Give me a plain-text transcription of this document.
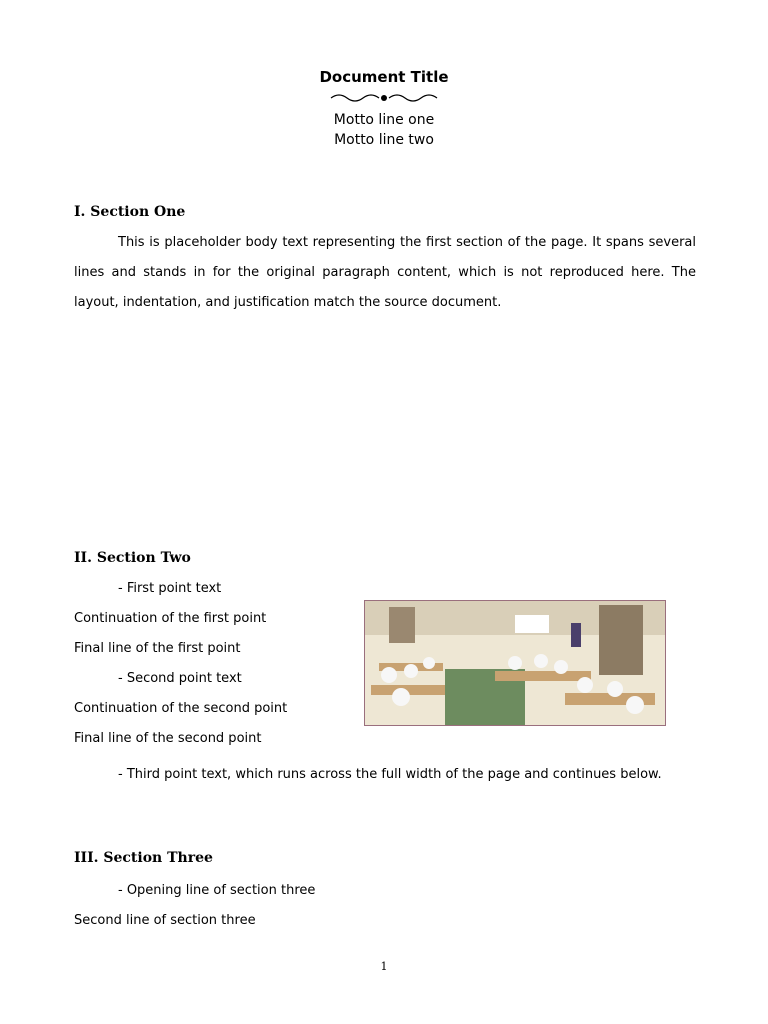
Document Title

Motto line one

Motto line two

I. Section One

This is placeholder body text representing the first section of the page. It spans several lines and stands in for the original paragraph content, which is not reproduced here. The layout, indentation, and justification match the source document.

II. Section Two

- First point text

Continuation of the first point

Final line of the first point

- Second point text

Continuation of the second point

Final line of the second point

- Third point text, which runs across the full width of the page and continues below.

III. Section Three

- Opening line of section three

Second line of section three

1
